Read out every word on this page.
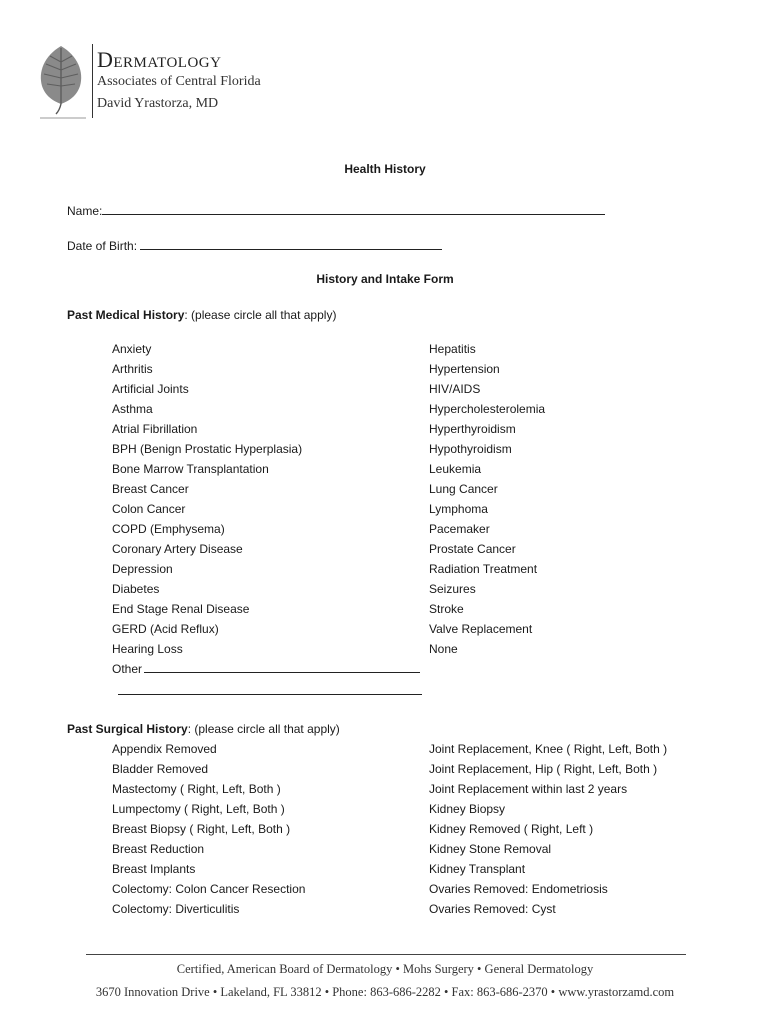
Dermatology
Associates of Central Florida
David Yrastorza, MD
Health History
Name:
Date of Birth:
History and Intake Form
Past Medical History: (please circle all that apply)
Anxiety
Arthritis
Artificial Joints
Asthma
Atrial Fibrillation
BPH (Benign Prostatic Hyperplasia)
Bone Marrow Transplantation
Breast Cancer
Colon Cancer
COPD (Emphysema)
Coronary Artery Disease
Depression
Diabetes
End Stage Renal Disease
GERD (Acid Reflux)
Hearing Loss
Other
Hepatitis
Hypertension
HIV/AIDS
Hypercholesterolemia
Hyperthyroidism
Hypothyroidism
Leukemia
Lung Cancer
Lymphoma
Pacemaker
Prostate Cancer
Radiation Treatment
Seizures
Stroke
Valve Replacement
None
Past Surgical History: (please circle all that apply)
Appendix Removed
Bladder Removed
Mastectomy ( Right, Left, Both )
Lumpectomy ( Right, Left, Both )
Breast Biopsy ( Right, Left, Both )
Breast Reduction
Breast Implants
Colectomy: Colon Cancer Resection
Colectomy: Diverticulitis
Joint Replacement, Knee ( Right, Left, Both )
Joint Replacement, Hip ( Right, Left, Both )
Joint Replacement within last 2 years
Kidney Biopsy
Kidney Removed ( Right, Left )
Kidney Stone Removal
Kidney Transplant
Ovaries Removed: Endometriosis
Ovaries Removed: Cyst
Certified, American Board of Dermatology • Mohs Surgery • General Dermatology
3670 Innovation Drive • Lakeland, FL 33812 • Phone: 863-686-2282 • Fax: 863-686-2370 • www.yrastorzamd.com
